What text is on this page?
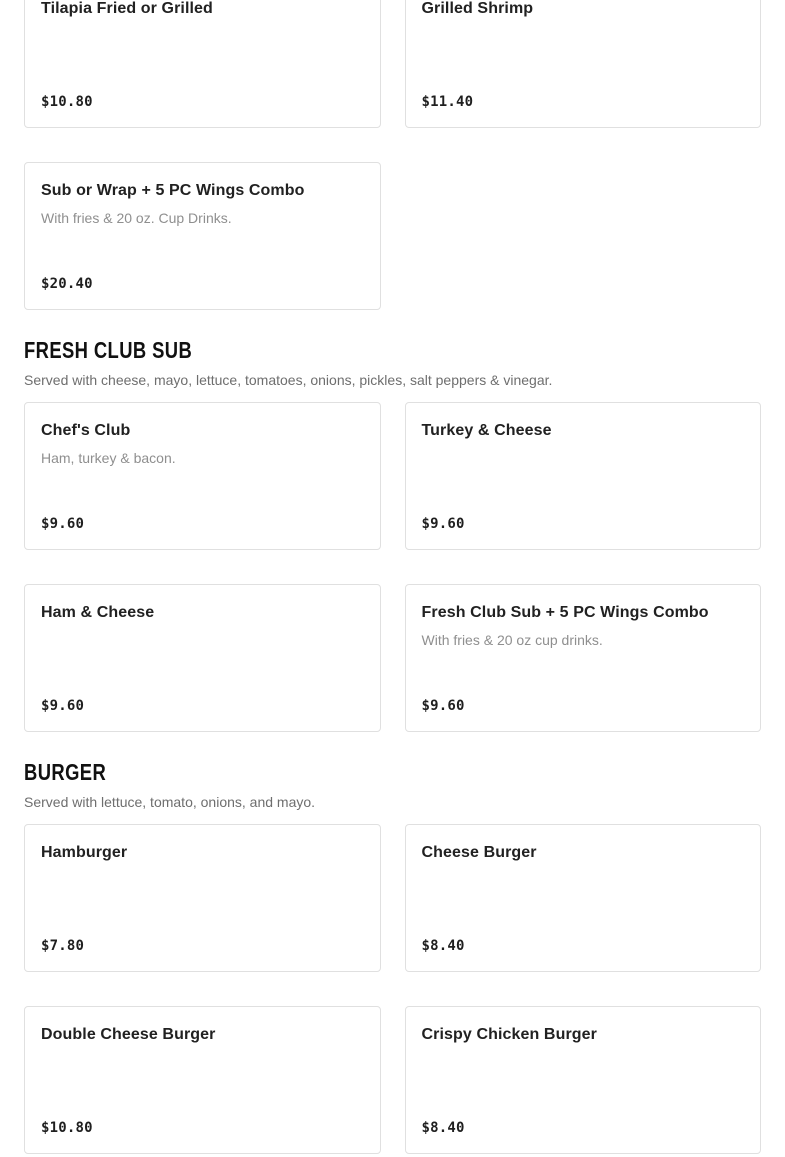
Tilapia Fried or Grilled
$10.80
Grilled Shrimp
$11.40
Sub or Wrap + 5 PC Wings Combo

With fries & 20 oz. Cup Drinks.

$20.40
FRESH CLUB SUB

Served with cheese, mayo, lettuce, tomatoes, onions, pickles, salt peppers & vinegar.

Chef's Club

Ham, turkey & bacon.

$9.60
Turkey & Cheese
$9.60
Ham & Cheese
$9.60
Fresh Club Sub + 5 PC Wings Combo

With fries & 20 oz cup drinks.

$9.60
BURGER

Served with lettuce, tomato, onions, and mayo.

Hamburger
$7.80
Cheese Burger
$8.40
Double Cheese Burger
$10.80
Crispy Chicken Burger
$8.40
